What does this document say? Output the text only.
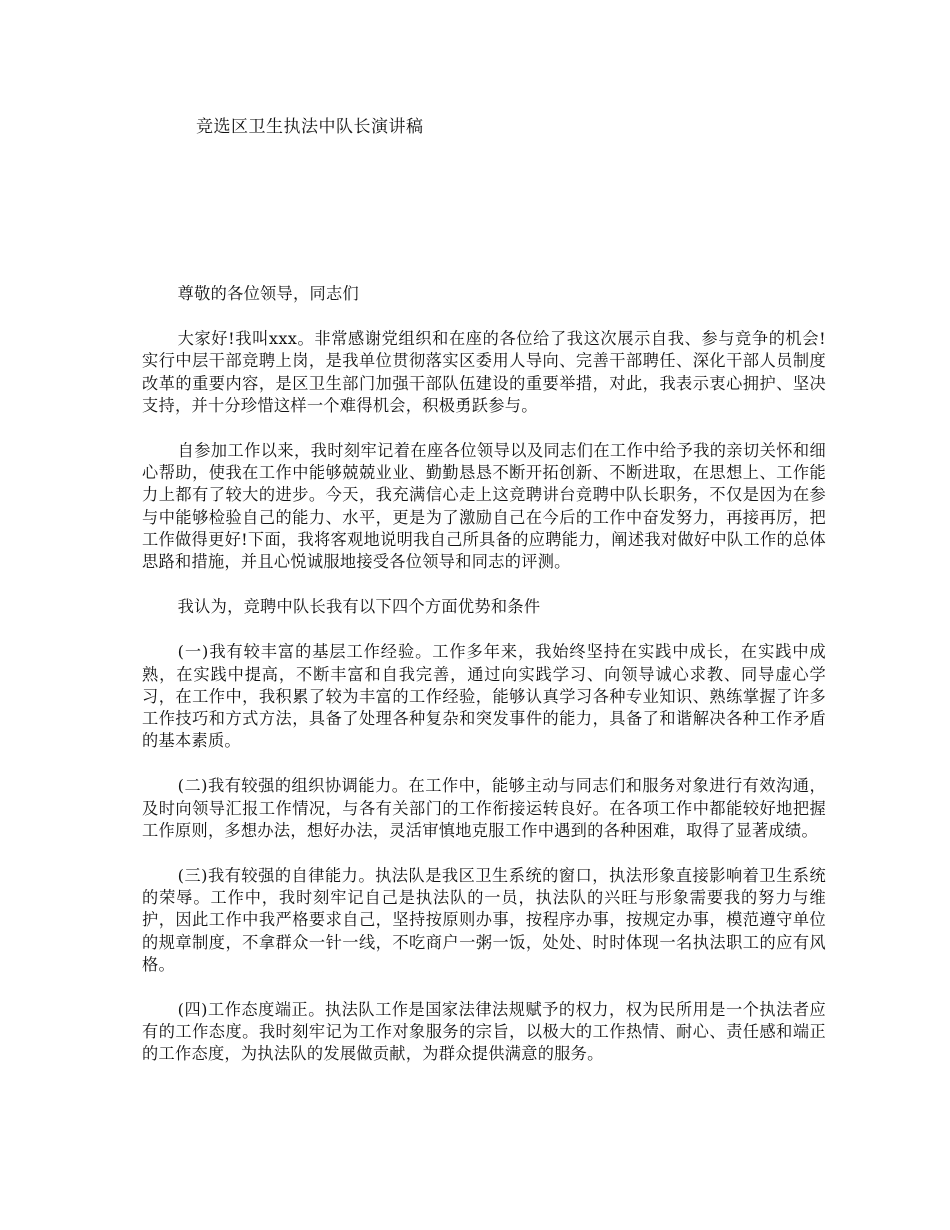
竞选区卫生执法中队长演讲稿

尊敬的各位领导，同志们

大家好!我叫xxx。非常感谢党组织和在座的各位给了我这次展示自我、参与竞争的机会!实行中层干部竞聘上岗，是我单位贯彻落实区委用人导向、完善干部聘任、深化干部人员制度改革的重要内容，是区卫生部门加强干部队伍建设的重要举措，对此，我表示衷心拥护、坚决支持，并十分珍惜这样一个难得机会，积极勇跃参与。

自参加工作以来，我时刻牢记着在座各位领导以及同志们在工作中给予我的亲切关怀和细心帮助，使我在工作中能够兢兢业业、勤勤恳恳不断开拓创新、不断进取，在思想上、工作能力上都有了较大的进步。今天，我充满信心走上这竞聘讲台竞聘中队长职务，不仅是因为在参与中能够检验自己的能力、水平，更是为了激励自己在今后的工作中奋发努力，再接再厉，把工作做得更好!下面，我将客观地说明我自己所具备的应聘能力，阐述我对做好中队工作的总体思路和措施，并且心悦诚服地接受各位领导和同志的评测。

我认为，竞聘中队长我有以下四个方面优势和条件

(一)我有较丰富的基层工作经验。工作多年来，我始终坚持在实践中成长，在实践中成熟，在实践中提高，不断丰富和自我完善，通过向实践学习、向领导诚心求教、同导虚心学习，在工作中，我积累了较为丰富的工作经验，能够认真学习各种专业知识、熟练掌握了许多工作技巧和方式方法，具备了处理各种复杂和突发事件的能力，具备了和谐解决各种工作矛盾的基本素质。

(二)我有较强的组织协调能力。在工作中，能够主动与同志们和服务对象进行有效沟通，及时向领导汇报工作情况，与各有关部门的工作衔接运转良好。在各项工作中都能较好地把握工作原则，多想办法，想好办法，灵活审慎地克服工作中遇到的各种困难，取得了显著成绩。

(三)我有较强的自律能力。执法队是我区卫生系统的窗口，执法形象直接影响着卫生系统的荣辱。工作中，我时刻牢记自己是执法队的一员，执法队的兴旺与形象需要我的努力与维护，因此工作中我严格要求自己，坚持按原则办事，按程序办事，按规定办事，模范遵守单位的规章制度，不拿群众一针一线，不吃商户一粥一饭，处处、时时体现一名执法职工的应有风格。

(四)工作态度端正。执法队工作是国家法律法规赋予的权力，权为民所用是一个执法者应有的工作态度。我时刻牢记为工作对象服务的宗旨，以极大的工作热情、耐心、责任感和端正的工作态度，为执法队的发展做贡献，为群众提供满意的服务。
